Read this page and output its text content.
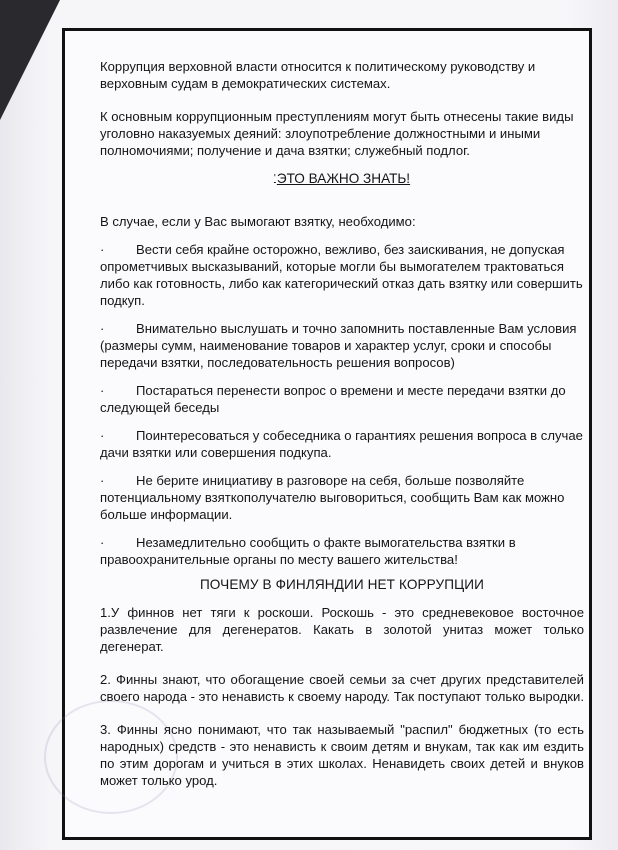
Коррупция верховной власти относится к политическому руководству и верховным судам в демократических системах.

К основным коррупционным преступлениям могут быть отнесены такие виды уголовно наказуемых деяний: злоупотребление должностными и иными полномочиями; получение и дача взятки; служебный подлог.

'ЭТО ВАЖНО ЗНАТЬ!

В случае, если у Вас вымогают взятку, необходимо:

· Вести себя крайне осторожно, вежливо, без заискивания, не допуская опрометчивых высказываний, которые могли бы вымогателем трактоваться либо как готовность, либо как категорический отказ дать взятку или совершить подкуп.

· Внимательно выслушать и точно запомнить поставленные Вам условия (размеры сумм, наименование товаров и характер услуг, сроки и способы передачи взятки, последовательность решения вопросов)

· Постараться перенести вопрос о времени и месте передачи взятки до следующей беседы

· Поинтересоваться у собеседника о гарантиях решения вопроса в случае дачи взятки или совершения подкупа.

· Не берите инициативу в разговоре на себя, больше позволяйте потенциальному взяткополучателю выговориться, сообщить Вам как можно больше информации.

· Незамедлительно сообщить о факте вымогательства взятки в правоохранительные органы по месту вашего жительства!

ПОЧЕМУ В ФИНЛЯНДИИ НЕТ КОРРУПЦИИ

1.У финнов нет тяги к роскоши. Роскошь - это средневековое восточное развлечение для дегенератов. Какать в золотой унитаз может только дегенерат.

2. Финны знают, что обогащение своей семьи за счет других представителей своего народа - это ненависть к своему народу. Так поступают только выродки.

3. Финны ясно понимают, что так называемый "распил" бюджетных (то есть народных) средств - это ненависть к своим детям и внукам, так как им ездить по этим дорогам и учиться в этих школах. Ненавидеть своих детей и внуков может только урод.
